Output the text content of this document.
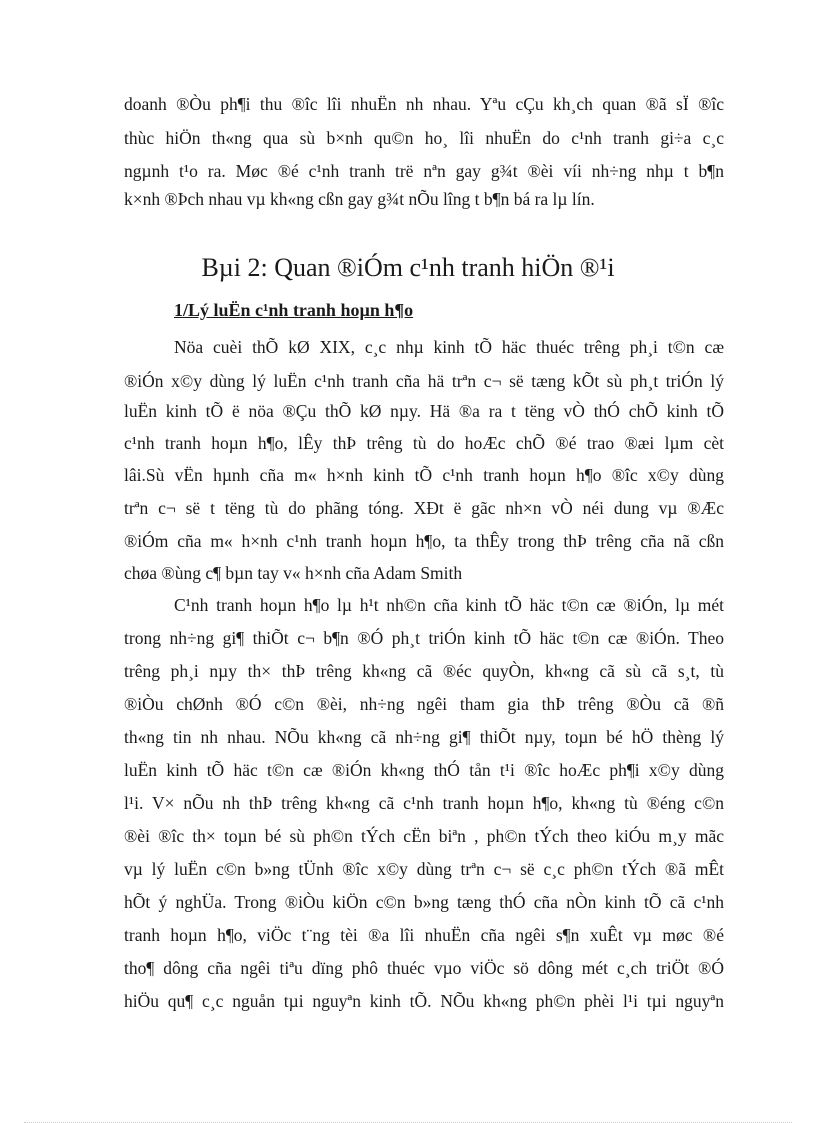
doanh ®Òu ph¶i thu ®îc lîi nhuËn nh nhau. Yªu cÇu kh¸ch quan ®ã sÏ ®îc
thùc hiÖn th«ng qua sù b×nh qu©n ho¸ lîi nhuËn do c¹nh tranh gi÷a c¸c
ngµnh t¹o ra. Møc ®é c¹nh tranh trë nªn gay g¾t ®èi víi nh÷ng nhµ t b¶n
k×nh ®Þch nhau vµ kh«ng cßn gay g¾t nÕu lîng t b¶n bá ra lµ lín.
Bµi 2: Quan ®iÓm c¹nh tranh hiÖn ®¹i
1/Lý luËn c¹nh tranh hoµn h¶o
Nöa cuèi thÕ kØ XIX, c¸c nhµ kinh tÕ häc thuéc trêng ph¸i t©n cæ
®iÓn x©y dùng lý luËn c¹nh tranh cña hä trªn c¬ së tæng kÕt sù ph¸t triÓn lý
luËn kinh tÕ ë nöa ®Çu thÕ kØ nµy. Hä ®a ra t tëng vÒ thÓ chÕ kinh tÕ
c¹nh tranh hoµn h¶o, lÊy thÞ trêng tù do hoÆc chÕ ®é trao ®æi lµm cèt
lâi.Sù vËn hµnh cña m« h×nh kinh tÕ c¹nh tranh hoµn h¶o ®îc x©y dùng
trªn c¬ së t tëng tù do phãng tóng. XÐt ë gãc nh×n vÒ néi dung vµ ®Æc
®iÓm cña m« h×nh c¹nh tranh hoµn h¶o, ta thÊy trong thÞ trêng cña nã cßn
chøa ®ùng c¶ bµn tay v« h×nh cña Adam Smith
C¹nh tranh hoµn h¶o lµ h¹t nh©n cña kinh tÕ häc t©n cæ ®iÓn, lµ mét
trong nh÷ng gi¶ thiÕt c¬ b¶n ®Ó ph¸t triÓn kinh tÕ häc t©n cæ ®iÓn. Theo
trêng ph¸i nµy th× thÞ trêng kh«ng cã ®éc quyÒn, kh«ng cã sù cã s¸t, tù
®iÒu chØnh ®Ó c©n ®èi, nh÷ng ngêi tham gia thÞ trêng ®Òu cã ®ñ
th«ng tin nh nhau. NÕu kh«ng cã nh÷ng gi¶ thiÕt nµy, toµn bé hÖ thèng lý
luËn kinh tÕ häc t©n cæ ®iÓn kh«ng thÓ tån t¹i ®îc hoÆc ph¶i x©y dùng
l¹i. V× nÕu nh thÞ trêng kh«ng cã c¹nh tranh hoµn h¶o, kh«ng tù ®éng c©n
®èi ®îc th× toµn bé sù ph©n tÝch cËn biªn , ph©n tÝch theo kiÓu m¸y mãc
vµ lý luËn c©n b»ng tÜnh ®îc x©y dùng trªn c¬ së c¸c ph©n tÝch ®ã mÊt
hÕt ý nghÜa. Trong ®iÒu kiÖn c©n b»ng tæng thÓ cña nÒn kinh tÕ cã c¹nh
tranh hoµn h¶o, viÖc t¨ng tèi ®a lîi nhuËn cña ngêi s¶n xuÊt vµ møc ®é
tho¶ dông cña ngêi tiªu dïng phô thuéc vµo viÖc sö dông mét c¸ch triÖt ®Ó
hiÖu qu¶ c¸c nguån tµi nguyªn kinh tÕ. NÕu kh«ng ph©n phèi l¹i tµi nguyªn
